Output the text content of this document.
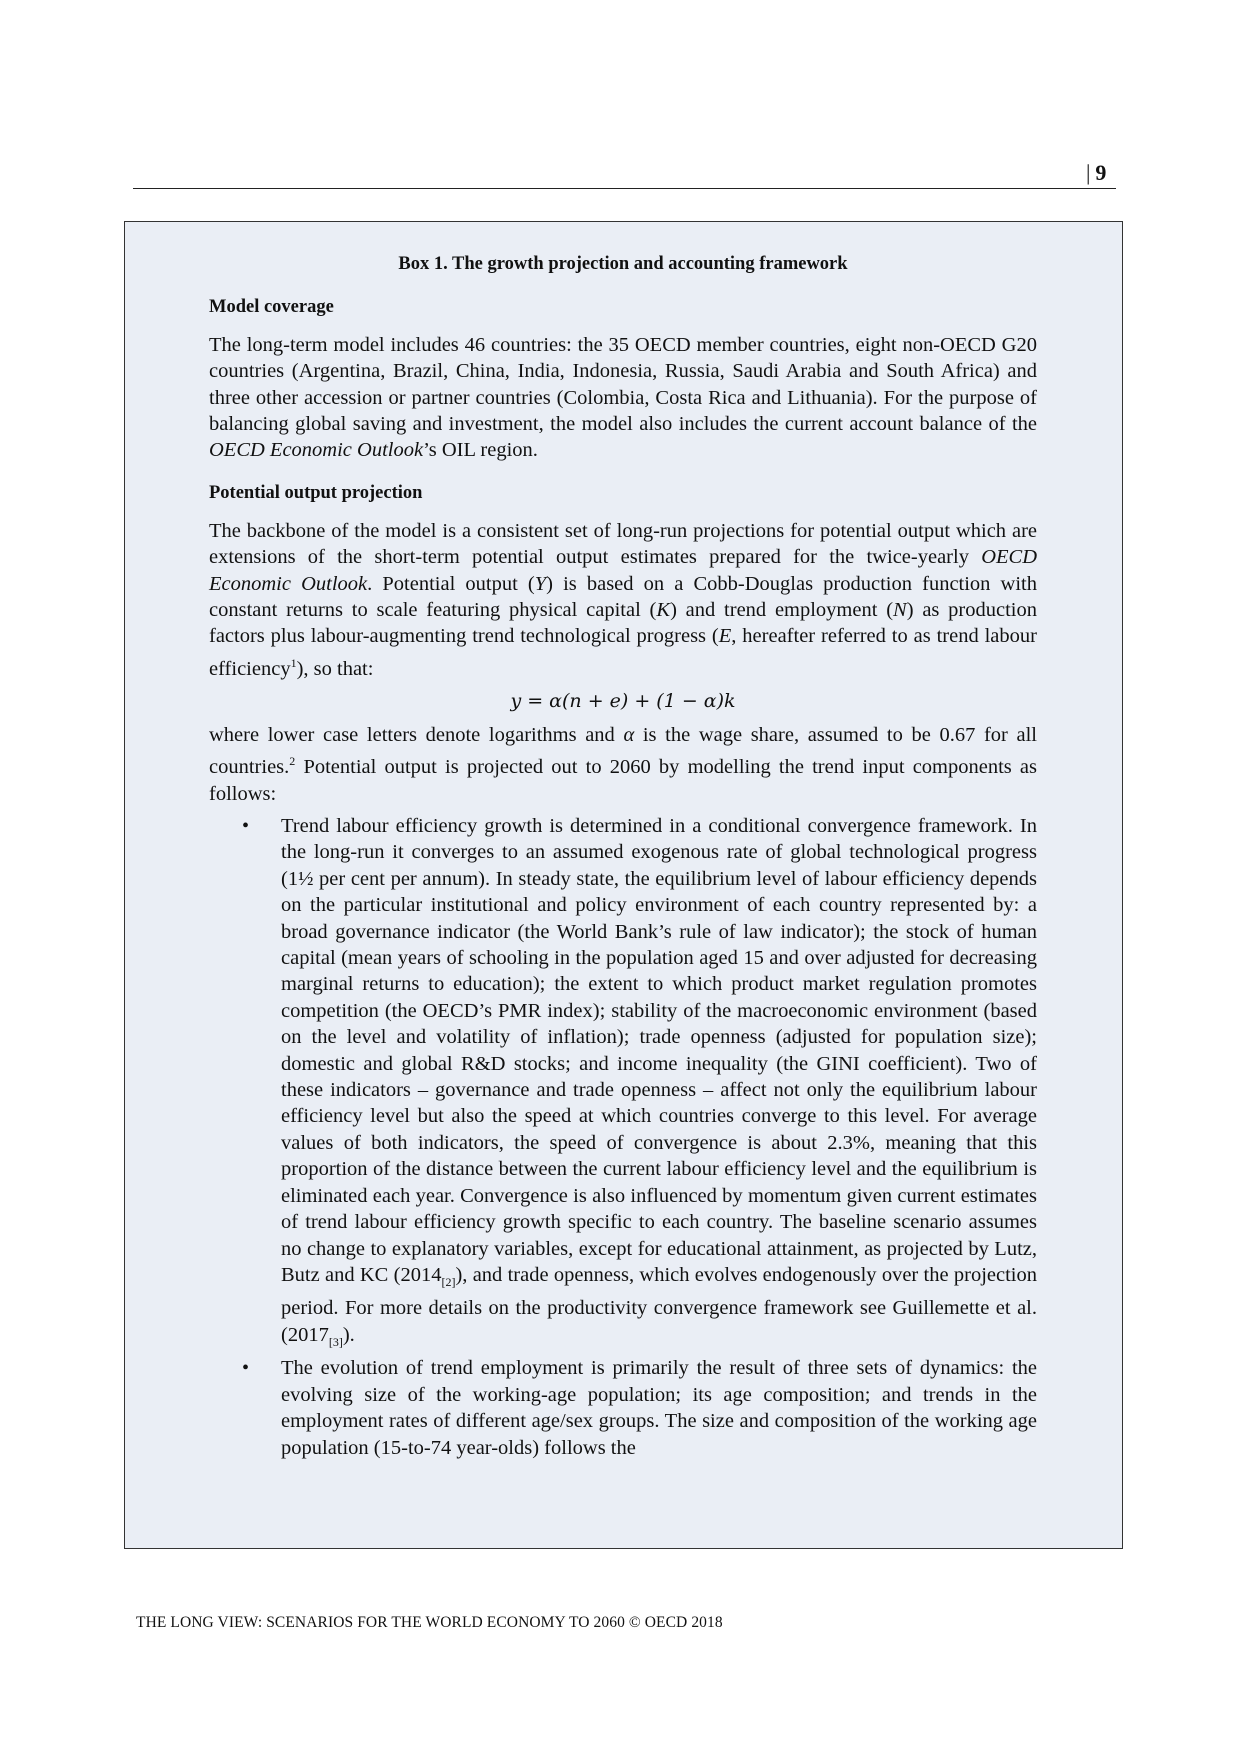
| 9
Box 1. The growth projection and accounting framework
Model coverage

The long-term model includes 46 countries: the 35 OECD member countries, eight non-OECD G20 countries (Argentina, Brazil, China, India, Indonesia, Russia, Saudi Arabia and South Africa) and three other accession or partner countries (Colombia, Costa Rica and Lithuania). For the purpose of balancing global saving and investment, the model also includes the current account balance of the OECD Economic Outlook’s OIL region.

Potential output projection

The backbone of the model is a consistent set of long-run projections for potential output which are extensions of the short-term potential output estimates prepared for the twice-yearly OECD Economic Outlook. Potential output (Y) is based on a Cobb-Douglas production function with constant returns to scale featuring physical capital (K) and trend employment (N) as production factors plus labour-augmenting trend technological progress (E, hereafter referred to as trend labour efficiency$^1$), so that:

y = α(n + e) + (1 − α)k

where lower case letters denote logarithms and α is the wage share, assumed to be 0.67 for all countries.$^2$ Potential output is projected out to 2060 by modelling the trend input components as follows:

• Trend labour efficiency growth is determined in a conditional convergence framework. In the long-run it converges to an assumed exogenous rate of global technological progress (1½ per cent per annum). In steady state, the equilibrium level of labour efficiency depends on the particular institutional and policy environment of each country represented by: a broad governance indicator (the World Bank’s rule of law indicator); the stock of human capital (mean years of schooling in the population aged 15 and over adjusted for decreasing marginal returns to education); the extent to which product market regulation promotes competition (the OECD’s PMR index); stability of the macroeconomic environment (based on the level and volatility of inflation); trade openness (adjusted for population size); domestic and global R&D stocks; and income inequality (the GINI coefficient). Two of these indicators – governance and trade openness – affect not only the equilibrium labour efficiency level but also the speed at which countries converge to this level. For average values of both indicators, the speed of convergence is about 2.3%, meaning that this proportion of the distance between the current labour efficiency level and the equilibrium is eliminated each year. Convergence is also influenced by momentum given current estimates of trend labour efficiency growth specific to each country. The baseline scenario assumes no change to explanatory variables, except for educational attainment, as projected by Lutz, Butz and KC $(2014_{[2]})$, and trade openness, which evolves endogenously over the projection period. For more details on the productivity convergence framework see Guillemette et al. $(2017_{[3]})$.
• The evolution of trend employment is primarily the result of three sets of dynamics: the evolving size of the working-age population; its age composition; and trends in the employment rates of different age/sex groups. The size and composition of the working age population (15-to-74 year-olds) follows the
THE LONG VIEW: SCENARIOS FOR THE WORLD ECONOMY TO 2060 © OECD 2018
